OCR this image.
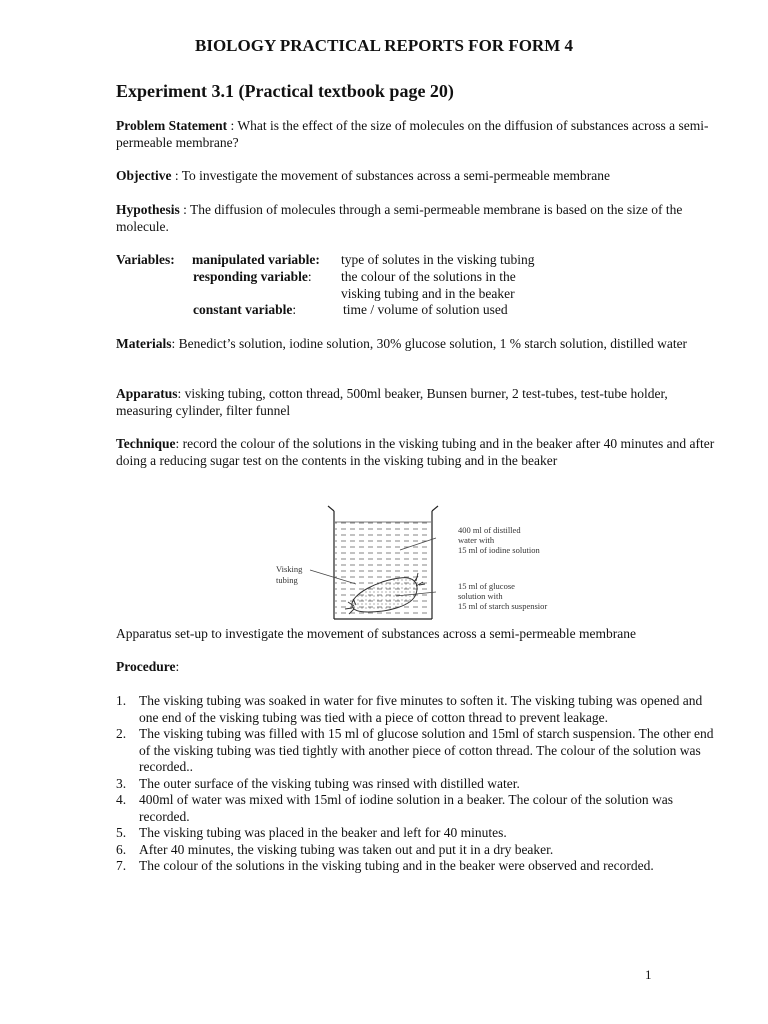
BIOLOGY PRACTICAL REPORTS FOR FORM 4
Experiment 3.1 (Practical textbook page 20)

Problem Statement : What is the effect of the size of molecules on the diffusion of substances across a semi-permeable membrane?

Objective : To investigate the movement of substances across a semi-permeable membrane

Hypothesis : The diffusion of molecules through a semi-permeable membrane is based on the size of the molecule.

Variables: manipulated variable: type of solutes in the visking tubing
responding variable: the colour of the solutions in the
visking tubing and in the beaker
constant variable:	time / volume of solution used

Materials: Benedict’s solution, iodine solution, 30% glucose solution, 1 % starch solution, distilled water

Apparatus: visking tubing, cotton thread, 500ml beaker, Bunsen burner, 2 test-tubes, test-tube holder, measuring cylinder, filter funnel

Technique: record the colour of the solutions in the visking tubing and in the beaker after 40 minutes and after doing a reducing sugar test on the contents in the visking tubing and in the beaker

Visking
tubing
400 ml of distilled
water with
15 ml of iodine solution
15 ml of glucose
solution with
15 ml of starch suspensior

Apparatus set-up to investigate the movement of substances across a semi-permeable membrane

Procedure:

1. The visking tubing was soaked in water for five minutes to soften it. The visking tubing was opened and one end of the visking tubing was tied with a piece of cotton thread to prevent leakage.
2. The visking tubing was filled with 15 ml of glucose solution and 15ml of starch suspension. The other end of the visking tubing was tied tightly with another piece of cotton thread. The colour of the solution was recorded..
3. The outer surface of the visking tubing was rinsed with distilled water.
4. 400ml of water was mixed with 15ml of iodine solution in a beaker. The colour of the solution was recorded.
5. The visking tubing was placed in the beaker and left for 40 minutes.
6. After 40 minutes, the visking tubing was taken out and put it in a dry beaker.
7. The colour of the solutions in the visking tubing and in the beaker were observed and recorded.
1
